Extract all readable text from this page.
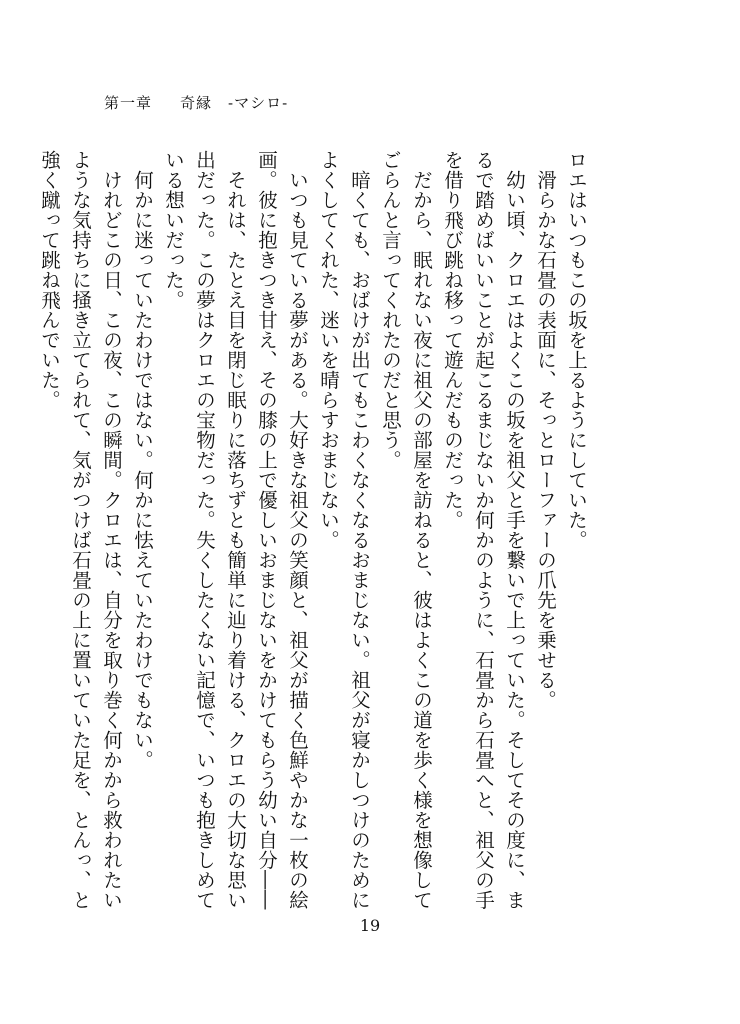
第一章 奇縁　-マシロ-

ロエはいつもこの坂を上るようにしていた。

　滑らかな石畳の表面に、そっとローファーの爪先を乗せる。

　幼い頃、クロエはよくこの坂を祖父と手を繋いで上っていた。そしてその度に、まるで踏めばいいことが起こるまじないか何かのように、石畳から石畳へと、祖父の手を借り飛び跳ね移って遊んだものだった。

　だから、眠れない夜に祖父の部屋を訪ねると、彼はよくこの道を歩く様を想像してごらんと言ってくれたのだと思う。

　暗くても、おばけが出てもこわくなくなるおまじない。祖父が寝かしつけのためによくしてくれた、迷いを晴らすおまじない。

　いつも見ている夢がある。大好きな祖父の笑顔と、祖父が描く色鮮やかな一枚の絵画。彼に抱きつき甘え、その膝の上で優しいおまじないをかけてもらう幼い自分――

　それは、たとえ目を閉じ眠りに落ちずとも簡単に辿り着ける、クロエの大切な思い出だった。この夢はクロエの宝物だった。失くしたくない記憶で、いつも抱きしめている想いだった。

　何かに迷っていたわけではない。何かに怯えていたわけでもない。

　けれどこの日、この夜、この瞬間。クロエは、自分を取り巻く何かから救われたいような気持ちに掻き立てられて、気がつけば石畳の上に置いていた足を、とんっ、と強く蹴って跳ね飛んでいた。

19
